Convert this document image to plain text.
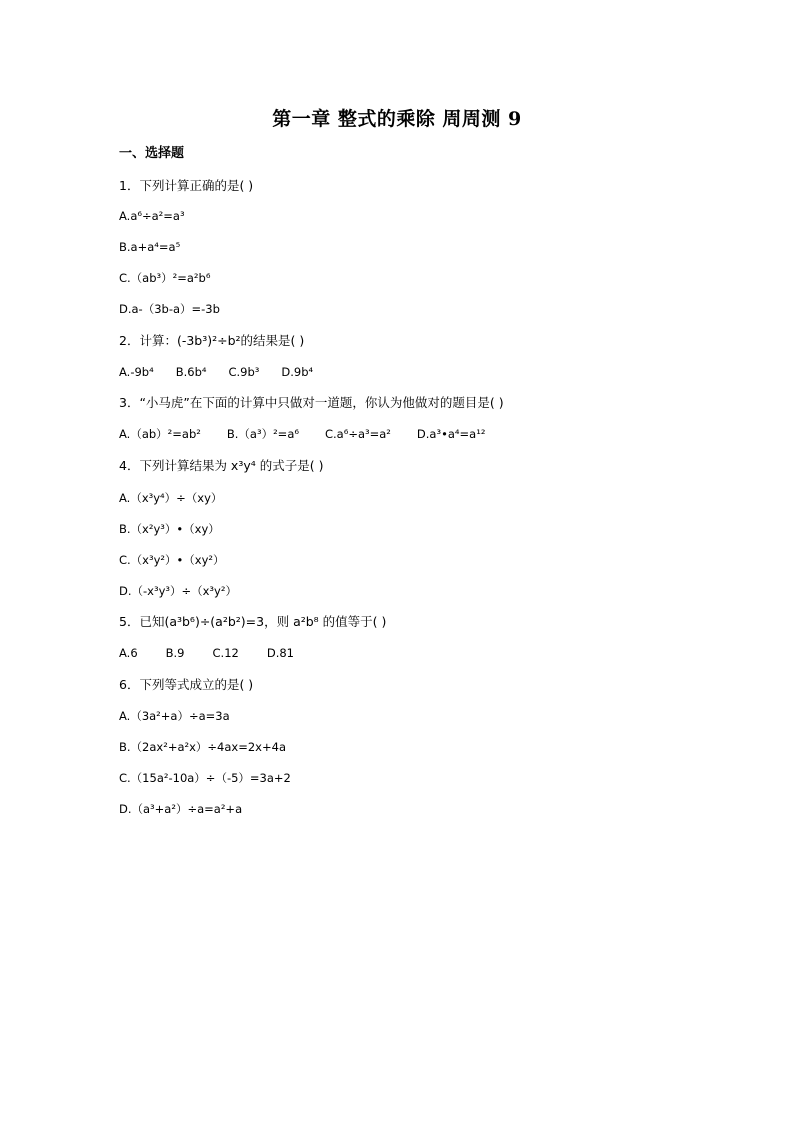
第一章 整式的乘除 周周测 9
一、选择题
1．下列计算正确的是( )
A.a⁶÷a²=a³
B.a+a⁴=a⁵
C.（ab³）²=a²b⁶
D.a-（3b-a）=-3b
2．计算：(-3b³)²÷b²的结果是( )
A.-9b⁴ B.6b⁴ C.9b³ D.9b⁴
3．“小马虎”在下面的计算中只做对一道题，你认为他做对的题目是( )
A.（ab）²=ab² B.（a³）²=a⁶ C.a⁶÷a³=a² D.a³•a⁴=a¹²
4．下列计算结果为 x³y⁴ 的式子是( )
A.（x³y⁴）÷（xy）
B.（x²y³）•（xy）
C.（x³y²）•（xy²）
D.（-x³y³）÷（x³y²）
5．已知(a³b⁶)÷(a²b²)=3，则 a²b⁸ 的值等于( )
A.6 B.9 C.12 D.81
6．下列等式成立的是( )
A.（3a²+a）÷a=3a
B.（2ax²+a²x）÷4ax=2x+4a
C.（15a²-10a）÷（-5）=3a+2
D.（a³+a²）÷a=a²+a
